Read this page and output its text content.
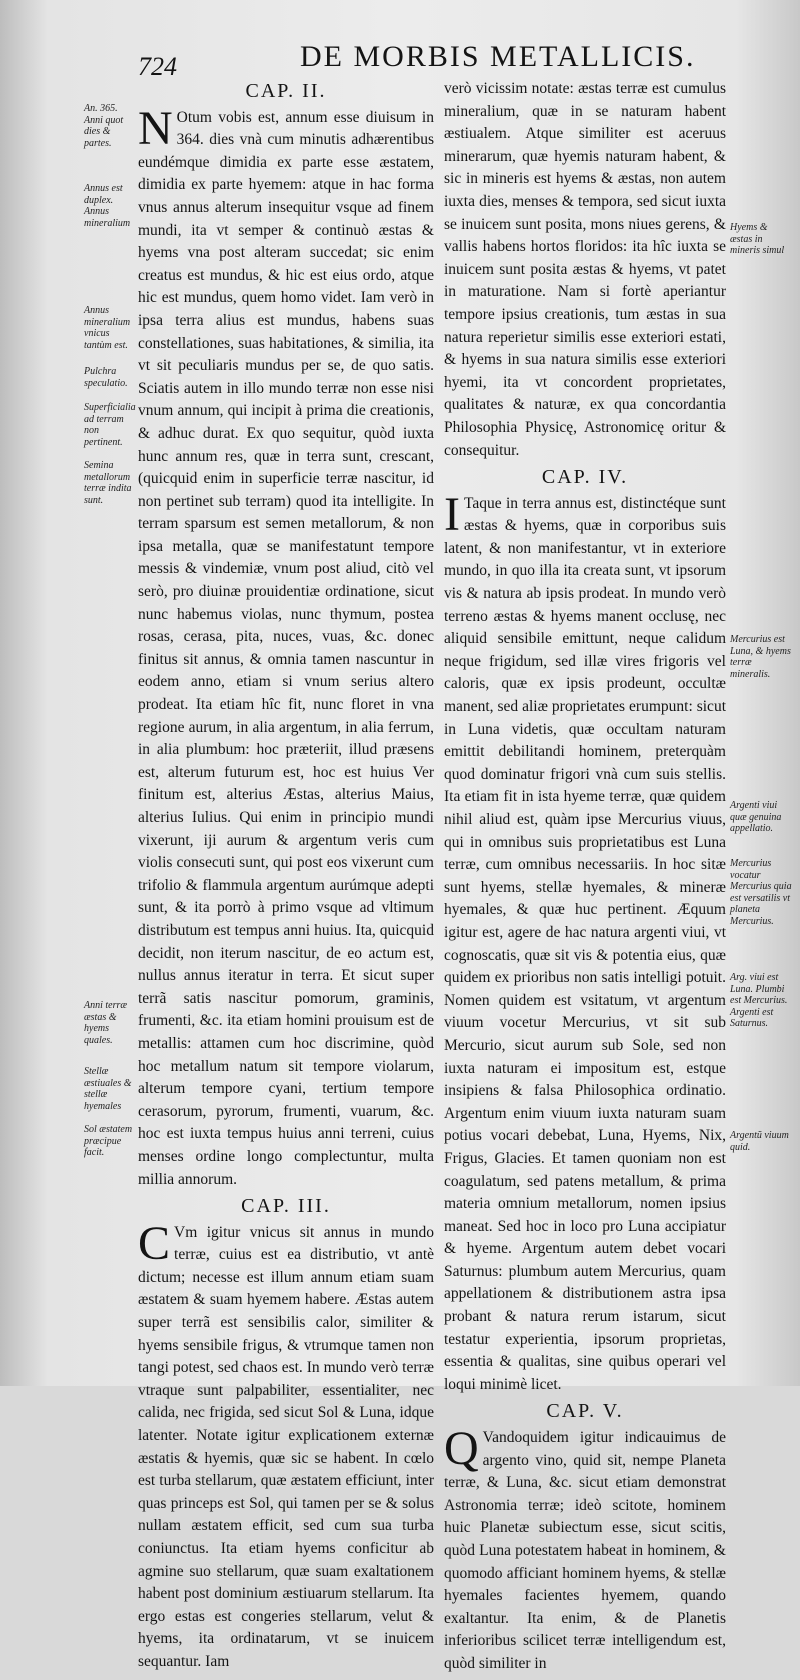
724	DE MORBIS METALLICIS.
An. 365. Anni quot dies & partes.
Annus est duplex. Annus mineralium
Annus mineralium vnicus tantùm est.
Pulchra speculatio.
Superficialia ad terram non pertinent.
Semina metallorum terræ indita sunt.
Anni terræ æstas & hyems quales.
Stellæ æstiuales & stellæ hyemales
Sol æstatem præcipue facit.
Hyems & æstas in mineris simul
Mercurius est Luna, & hyems terræ mineralis.
Argenti viui quæ genuina appellatio.
Mercurius vocatur Mercurius quia est versatilis vt planeta Mercurius.
Arg. viui est Luna. Plumbi est Mercurius. Argenti est Saturnus.
Argentũ viuum quid.
CAP. II.

N Otum vobis est, annum esse diuisum in 364. dies vnà cum minutis adhærentibus eundémque dimidia ex parte esse æstatem, dimidia ex parte hyemem: atque in hac forma vnus annus alterum insequitur vsque ad finem mundi, ita vt semper & continuò æstas & hyems vna post alteram succedat; sic enim creatus est mundus, & hic est eius ordo, atque hic est mundus, quem homo videt. Iam verò in ipsa terra alius est mundus, habens suas constellationes, suas habitationes, & similia, ita vt sit peculiaris mundus per se, de quo satis. Sciatis autem in illo mundo terræ non esse nisi vnum annum, qui incipit à prima die creationis, & adhuc durat. Ex quo sequitur, quòd iuxta hunc annum res, quæ in terra sunt, crescant, (quicquid enim in superficie terræ nascitur, id non pertinet sub terram) quod ita intelligite. In terram sparsum est semen metallorum, & non ipsa metalla, quæ se manifestatunt tempore messis & vindemiæ, vnum post aliud, citò vel serò, pro diuinæ prouidentiæ ordinatione, sicut nunc habemus violas, nunc thymum, postea rosas, cerasa, pita, nuces, vuas, &c. donec finitus sit annus, & omnia tamen nascuntur in eodem anno, etiam si vnum serius altero prodeat. Ita etiam hîc fit, nunc floret in vna regione aurum, in alia argentum, in alia ferrum, in alia plumbum: hoc præteriit, illud præsens est, alterum futurum est, hoc est huius Ver finitum est, alterius Æstas, alterius Maius, alterius Iulius. Qui enim in principio mundi vixerunt, iji aurum & argentum veris cum violis consecuti sunt, qui post eos vixerunt cum trifolio & flammula argentum aurúmque adepti sunt, & ita porrò à primo vsque ad vltimum distributum est tempus anni huius. Ita, quicquid decidit, non iterum nascitur, de eo actum est, nullus annus iteratur in terra. Et sicut super terrã satis nascitur pomorum, graminis, frumenti, &c. ita etiam homini prouisum est de metallis: attamen cum hoc discrimine, quòd hoc metallum natum sit tempore violarum, alterum tempore cyani, tertium tempore cerasorum, pyrorum, frumenti, vuarum, &c. hoc est iuxta tempus huius anni terreni, cuius menses ordine longo complectuntur, multa millia annorum.

CAP. III.

C Vm igitur vnicus sit annus in mundo terræ, cuius est ea distributio, vt antè dictum; necesse est illum annum etiam suam æstatem & suam hyemem habere. Æstas autem super terrã est sensibilis calor, similiter & hyems sensibile frigus, & vtrumque tamen non tangi potest, sed chaos est. In mundo verò terræ vtraque sunt palpabiliter, essentialiter, nec calida, nec frigida, sed sicut Sol & Luna, idque latenter. Notate igitur explicationem externæ æstatis & hyemis, quæ sic se habent. In cœlo est turba stellarum, quæ æstatem efficiunt, inter quas princeps est Sol, qui tamen per se & solus nullam æstatem efficit, sed cum sua turba coniunctus. Ita etiam hyems conficitur ab agmine suo stellarum, quæ suam exaltationem habent post dominium æstiuarum stellarum. Ita ergo estas est congeries stellarum, velut & hyems, ita ordinatarum, vt se inuicem sequantur. Iam

verò vicissim notate: æstas terræ est cumulus mineralium, quæ in se naturam habent æstiualem. Atque similiter est aceruus minerarum, quæ hyemis naturam habent, & sic in mineris est hyems & æstas, non autem iuxta dies, menses & tempora, sed sicut iuxta se inuicem sunt posita, mons niues gerens, & vallis habens hortos floridos: ita hîc iuxta se inuicem sunt posita æstas & hyems, vt patet in maturatione. Nam si fortè aperiantur tempore ipsius creationis, tum æstas in sua natura reperietur similis esse exteriori estati, & hyems in sua natura similis esse exteriori hyemi, ita vt concordent proprietates, qualitates & naturæ, ex qua concordantia Philosophia Physicę, Astronomicę oritur & consequitur.

CAP. IV.

I Taque in terra annus est, distinctéque sunt æstas & hyems, quæ in corporibus suis latent, & non manifestantur, vt in exteriore mundo, in quo illa ita creata sunt, vt ipsorum vis & natura ab ipsis prodeat. In mundo verò terreno æstas & hyems manent occlusę, nec aliquid sensibile emittunt, neque calidum neque frigidum, sed illæ vires frigoris vel caloris, quæ ex ipsis prodeunt, occultæ manent, sed aliæ proprietates erumpunt: sicut in Luna videtis, quæ occultam naturam emittit debilitandi hominem, preterquàm quod dominatur frigori vnà cum suis stellis. Ita etiam fit in ista hyeme terræ, quæ quidem nihil aliud est, quàm ipse Mercurius viuus, qui in omnibus suis proprietatibus est Luna terræ, cum omnibus necessariis. In hoc sitæ sunt hyems, stellæ hyemales, & mineræ hyemales, & quæ huc pertinent. Æquum igitur est, agere de hac natura argenti viui, vt cognoscatis, quæ sit vis & potentia eius, quæ quidem ex prioribus non satis intelligi potuit. Nomen quidem est vsitatum, vt argentum viuum vocetur Mercurius, vt sit sub Mercurio, sicut aurum sub Sole, sed non iuxta naturam ei impositum est, estque insipiens & falsa Philosophica ordinatio. Argentum enim viuum iuxta naturam suam potius vocari debebat, Luna, Hyems, Nix, Frigus, Glacies. Et tamen quoniam non est coagulatum, sed patens metallum, & prima materia omnium metallorum, nomen ipsius maneat. Sed hoc in loco pro Luna accipiatur & hyeme. Argentum autem debet vocari Saturnus: plumbum autem Mercurius, quam appellationem & distributionem astra ipsa probant & natura rerum istarum, sicut testatur experientia, ipsorum proprietas, essentia & qualitas, sine quibus operari vel loqui minimè licet.

CAP. V.

Q Vandoquidem igitur indicauimus de argento vino, quid sit, nempe Planeta terræ, & Luna, &c. sicut etiam demonstrat Astronomia terræ; ideò scitote, hominem huic Planetæ subiectum esse, sicut scitis, quòd Luna potestatem habeat in hominem, & quomodo afficiant hominem hyems, & stellæ hyemales facientes hyemem, quando exaltantur. Ita enim, & de Planetis inferioribus scilicet terræ intelligendum est, quòd similiter in
